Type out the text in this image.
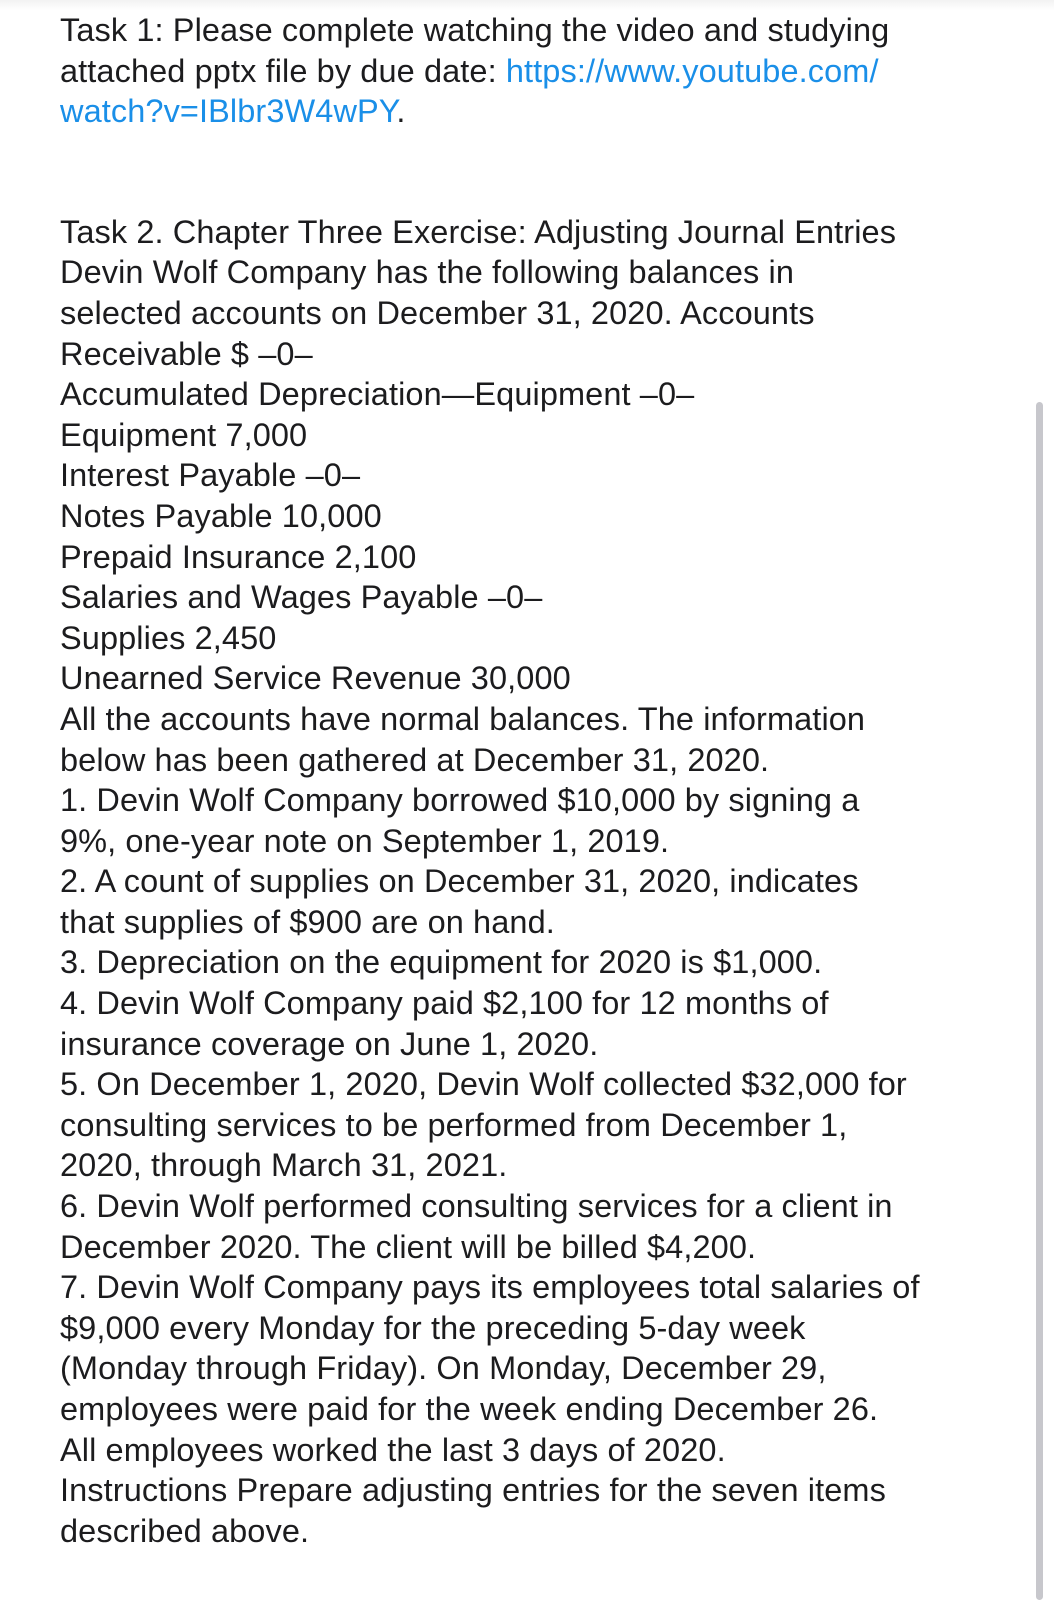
Task 1: Please complete watching the video and studying
attached pptx file by due date: https://www.youtube.com/
watch?v=IBlbr3W4wPY.
Task 2. Chapter Three Exercise: Adjusting Journal Entries
Devin Wolf Company has the following balances in
selected accounts on December 31, 2020. Accounts
Receivable $ –0–
Accumulated Depreciation—Equipment –0–
Equipment 7,000
Interest Payable –0–
Notes Payable 10,000
Prepaid Insurance 2,100
Salaries and Wages Payable –0–
Supplies 2,450
Unearned Service Revenue 30,000
All the accounts have normal balances. The information
below has been gathered at December 31, 2020.
1. Devin Wolf Company borrowed $10,000 by signing a
9%, one-year note on September 1, 2019.
2. A count of supplies on December 31, 2020, indicates
that supplies of $900 are on hand.
3. Depreciation on the equipment for 2020 is $1,000.
4. Devin Wolf Company paid $2,100 for 12 months of
insurance coverage on June 1, 2020.
5. On December 1, 2020, Devin Wolf collected $32,000 for
consulting services to be performed from December 1,
2020, through March 31, 2021.
6. Devin Wolf performed consulting services for a client in
December 2020. The client will be billed $4,200.
7. Devin Wolf Company pays its employees total salaries of
$9,000 every Monday for the preceding 5-day week
(Monday through Friday). On Monday, December 29,
employees were paid for the week ending December 26.
All employees worked the last 3 days of 2020.
Instructions Prepare adjusting entries for the seven items
described above.
